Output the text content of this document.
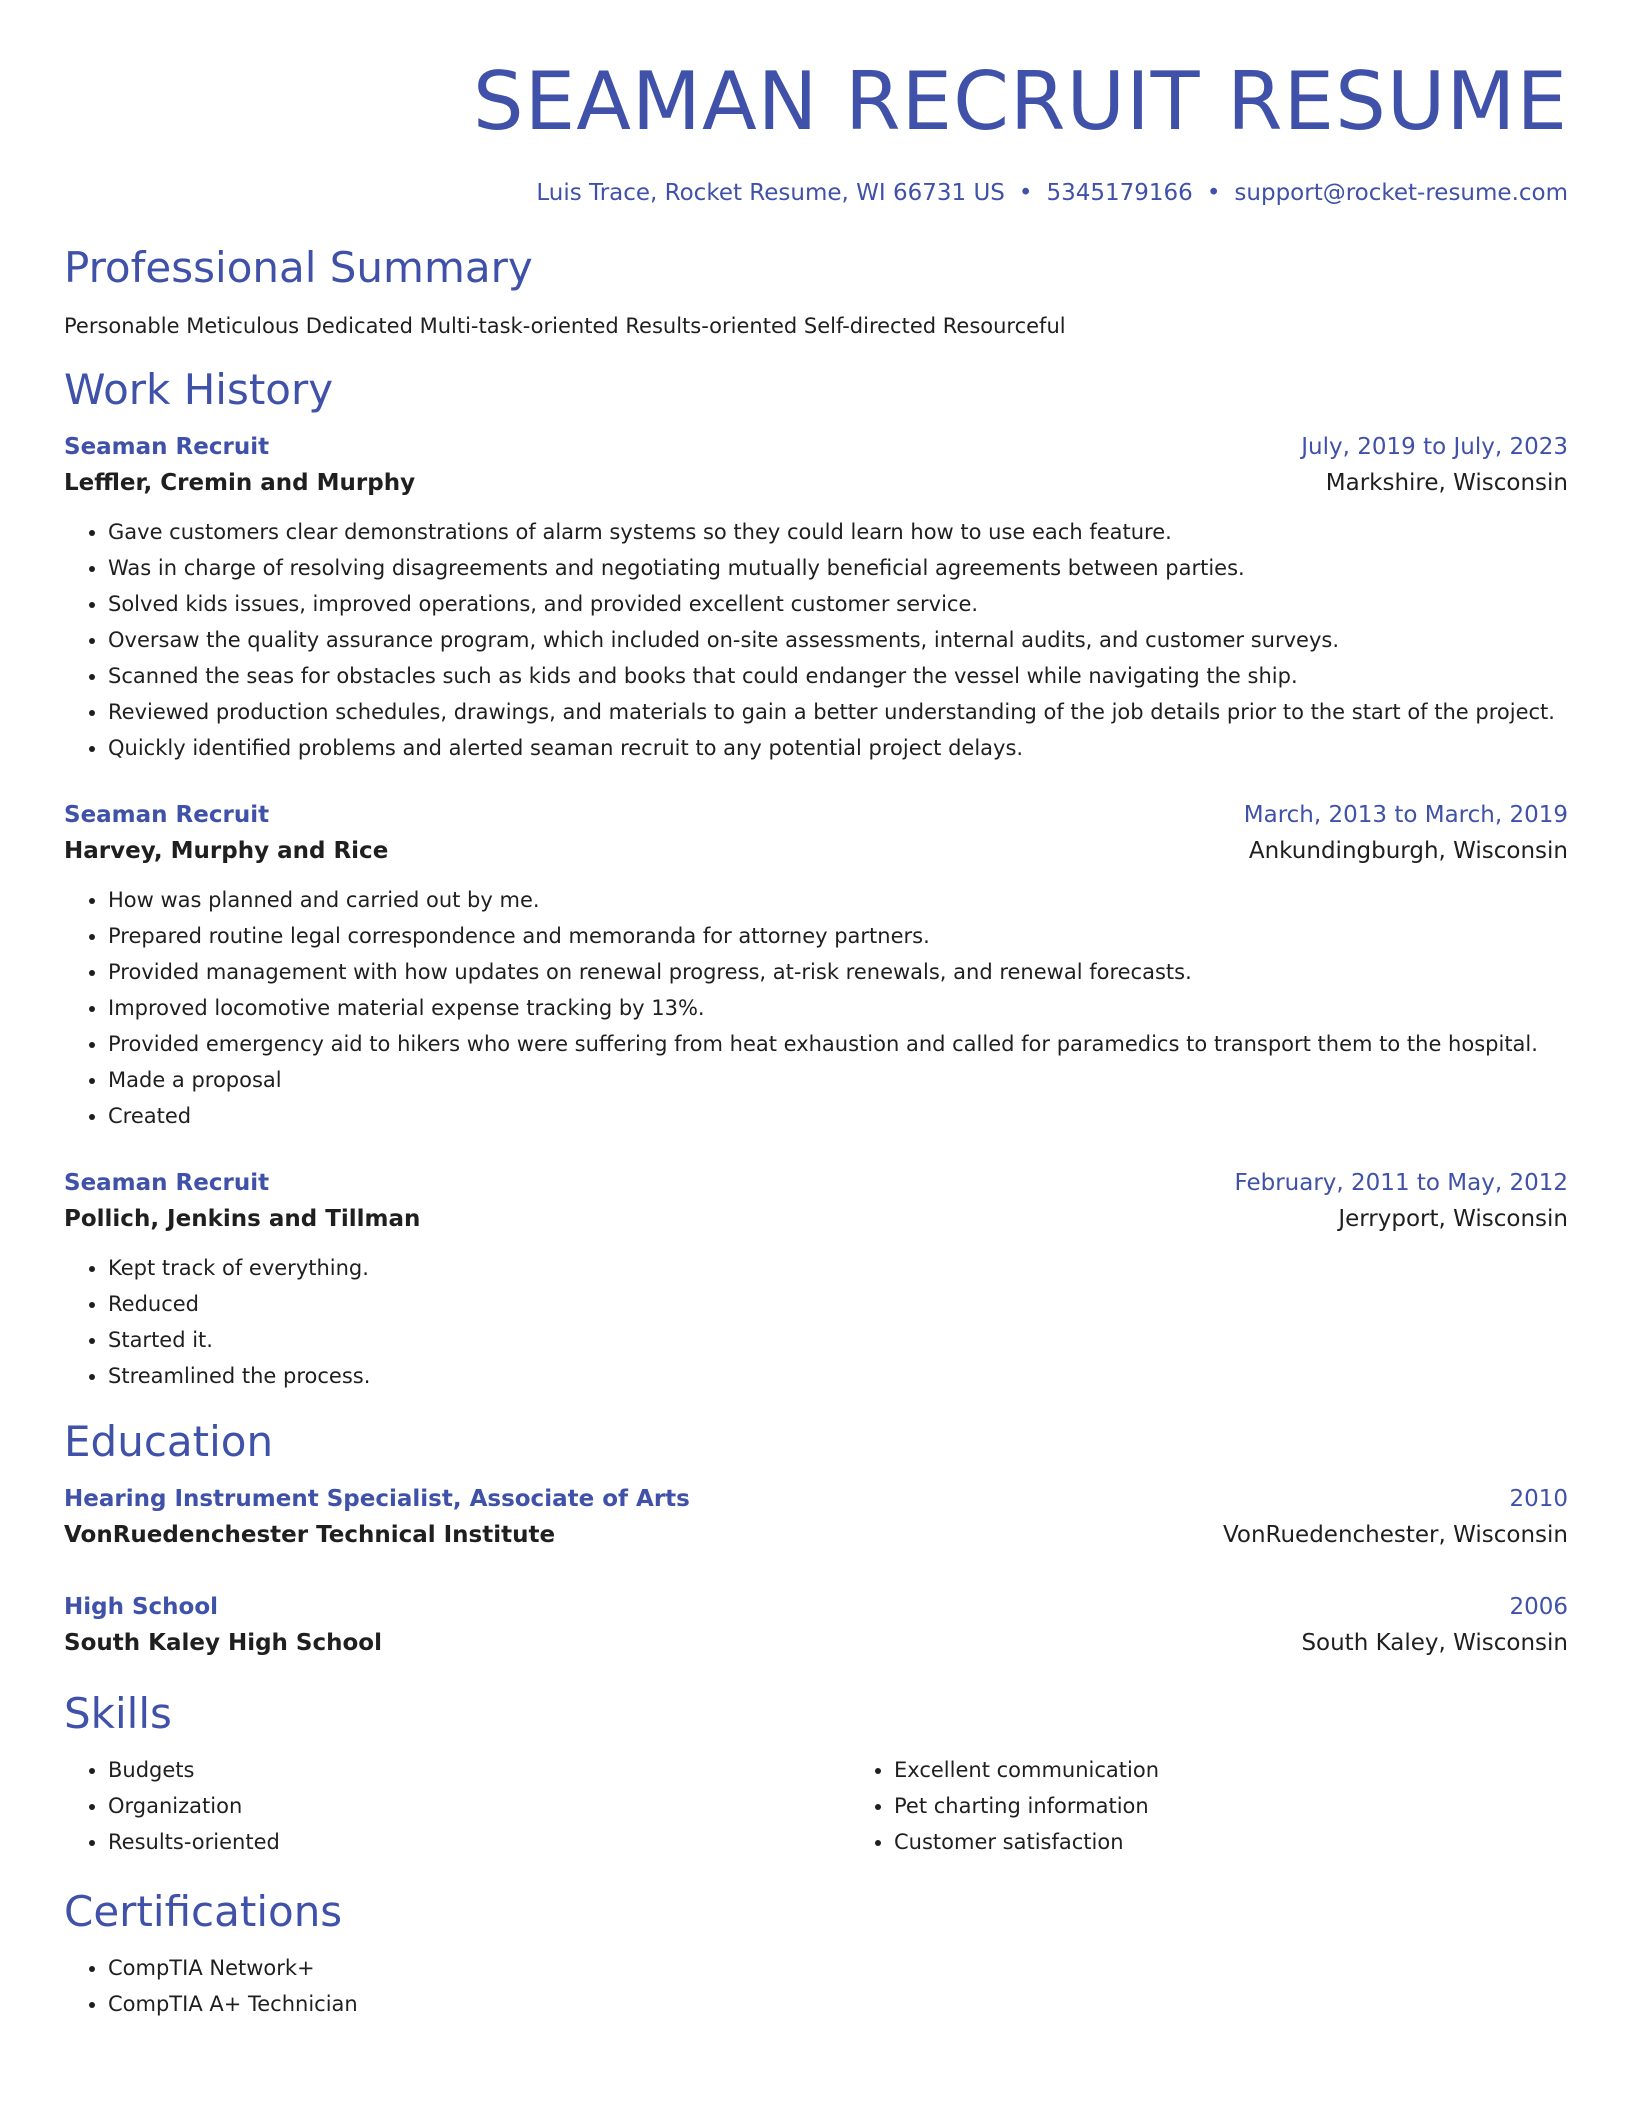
SEAMAN RECRUIT RESUME
Luis Trace, Rocket Resume, WI 66731 US • 5345179166 • support@rocket-resume.com
Professional Summary
Personable Meticulous Dedicated Multi-task-oriented Results-oriented Self-directed Resourceful
Work History
Seaman Recruit	July, 2019 to July, 2023
Leffler, Cremin and Murphy	Markshire, Wisconsin
• Gave customers clear demonstrations of alarm systems so they could learn how to use each feature.
• Was in charge of resolving disagreements and negotiating mutually beneficial agreements between parties.
• Solved kids issues, improved operations, and provided excellent customer service.
• Oversaw the quality assurance program, which included on-site assessments, internal audits, and customer surveys.
• Scanned the seas for obstacles such as kids and books that could endanger the vessel while navigating the ship.
• Reviewed production schedules, drawings, and materials to gain a better understanding of the job details prior to the start of the project.
• Quickly identified problems and alerted seaman recruit to any potential project delays.
Seaman Recruit	March, 2013 to March, 2019
Harvey, Murphy and Rice	Ankundingburgh, Wisconsin
• How was planned and carried out by me.
• Prepared routine legal correspondence and memoranda for attorney partners.
• Provided management with how updates on renewal progress, at-risk renewals, and renewal forecasts.
• Improved locomotive material expense tracking by 13%.
• Provided emergency aid to hikers who were suffering from heat exhaustion and called for paramedics to transport them to the hospital.
• Made a proposal
• Created
Seaman Recruit	February, 2011 to May, 2012
Pollich, Jenkins and Tillman	Jerryport, Wisconsin
• Kept track of everything.
• Reduced
• Started it.
• Streamlined the process.
Education
Hearing Instrument Specialist, Associate of Arts	2010
VonRuedenchester Technical Institute	VonRuedenchester, Wisconsin
High School	2006
South Kaley High School	South Kaley, Wisconsin
Skills
• Budgets
• Organization
• Results-oriented
• Excellent communication
• Pet charting information
• Customer satisfaction
Certifications
• CompTIA Network+
• CompTIA A+ Technician
